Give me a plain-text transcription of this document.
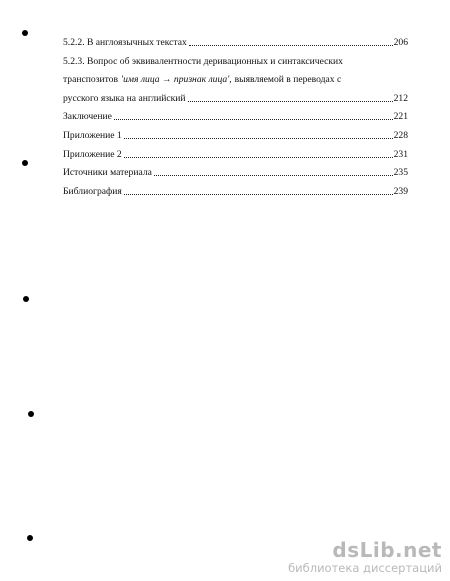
5.2.2. В англоязычных текстах	206
5.2.3. Вопрос об эквивалентности деривационных и синтаксических
транспозитов 'имя лица → признак лица', выявляемой в переводах с
русского языка на английский	212
Заключение	221
Приложение 1	228
Приложение 2	231
Источники материала	235
Библиография	239
dsLib.net
библиотека диссертаций
